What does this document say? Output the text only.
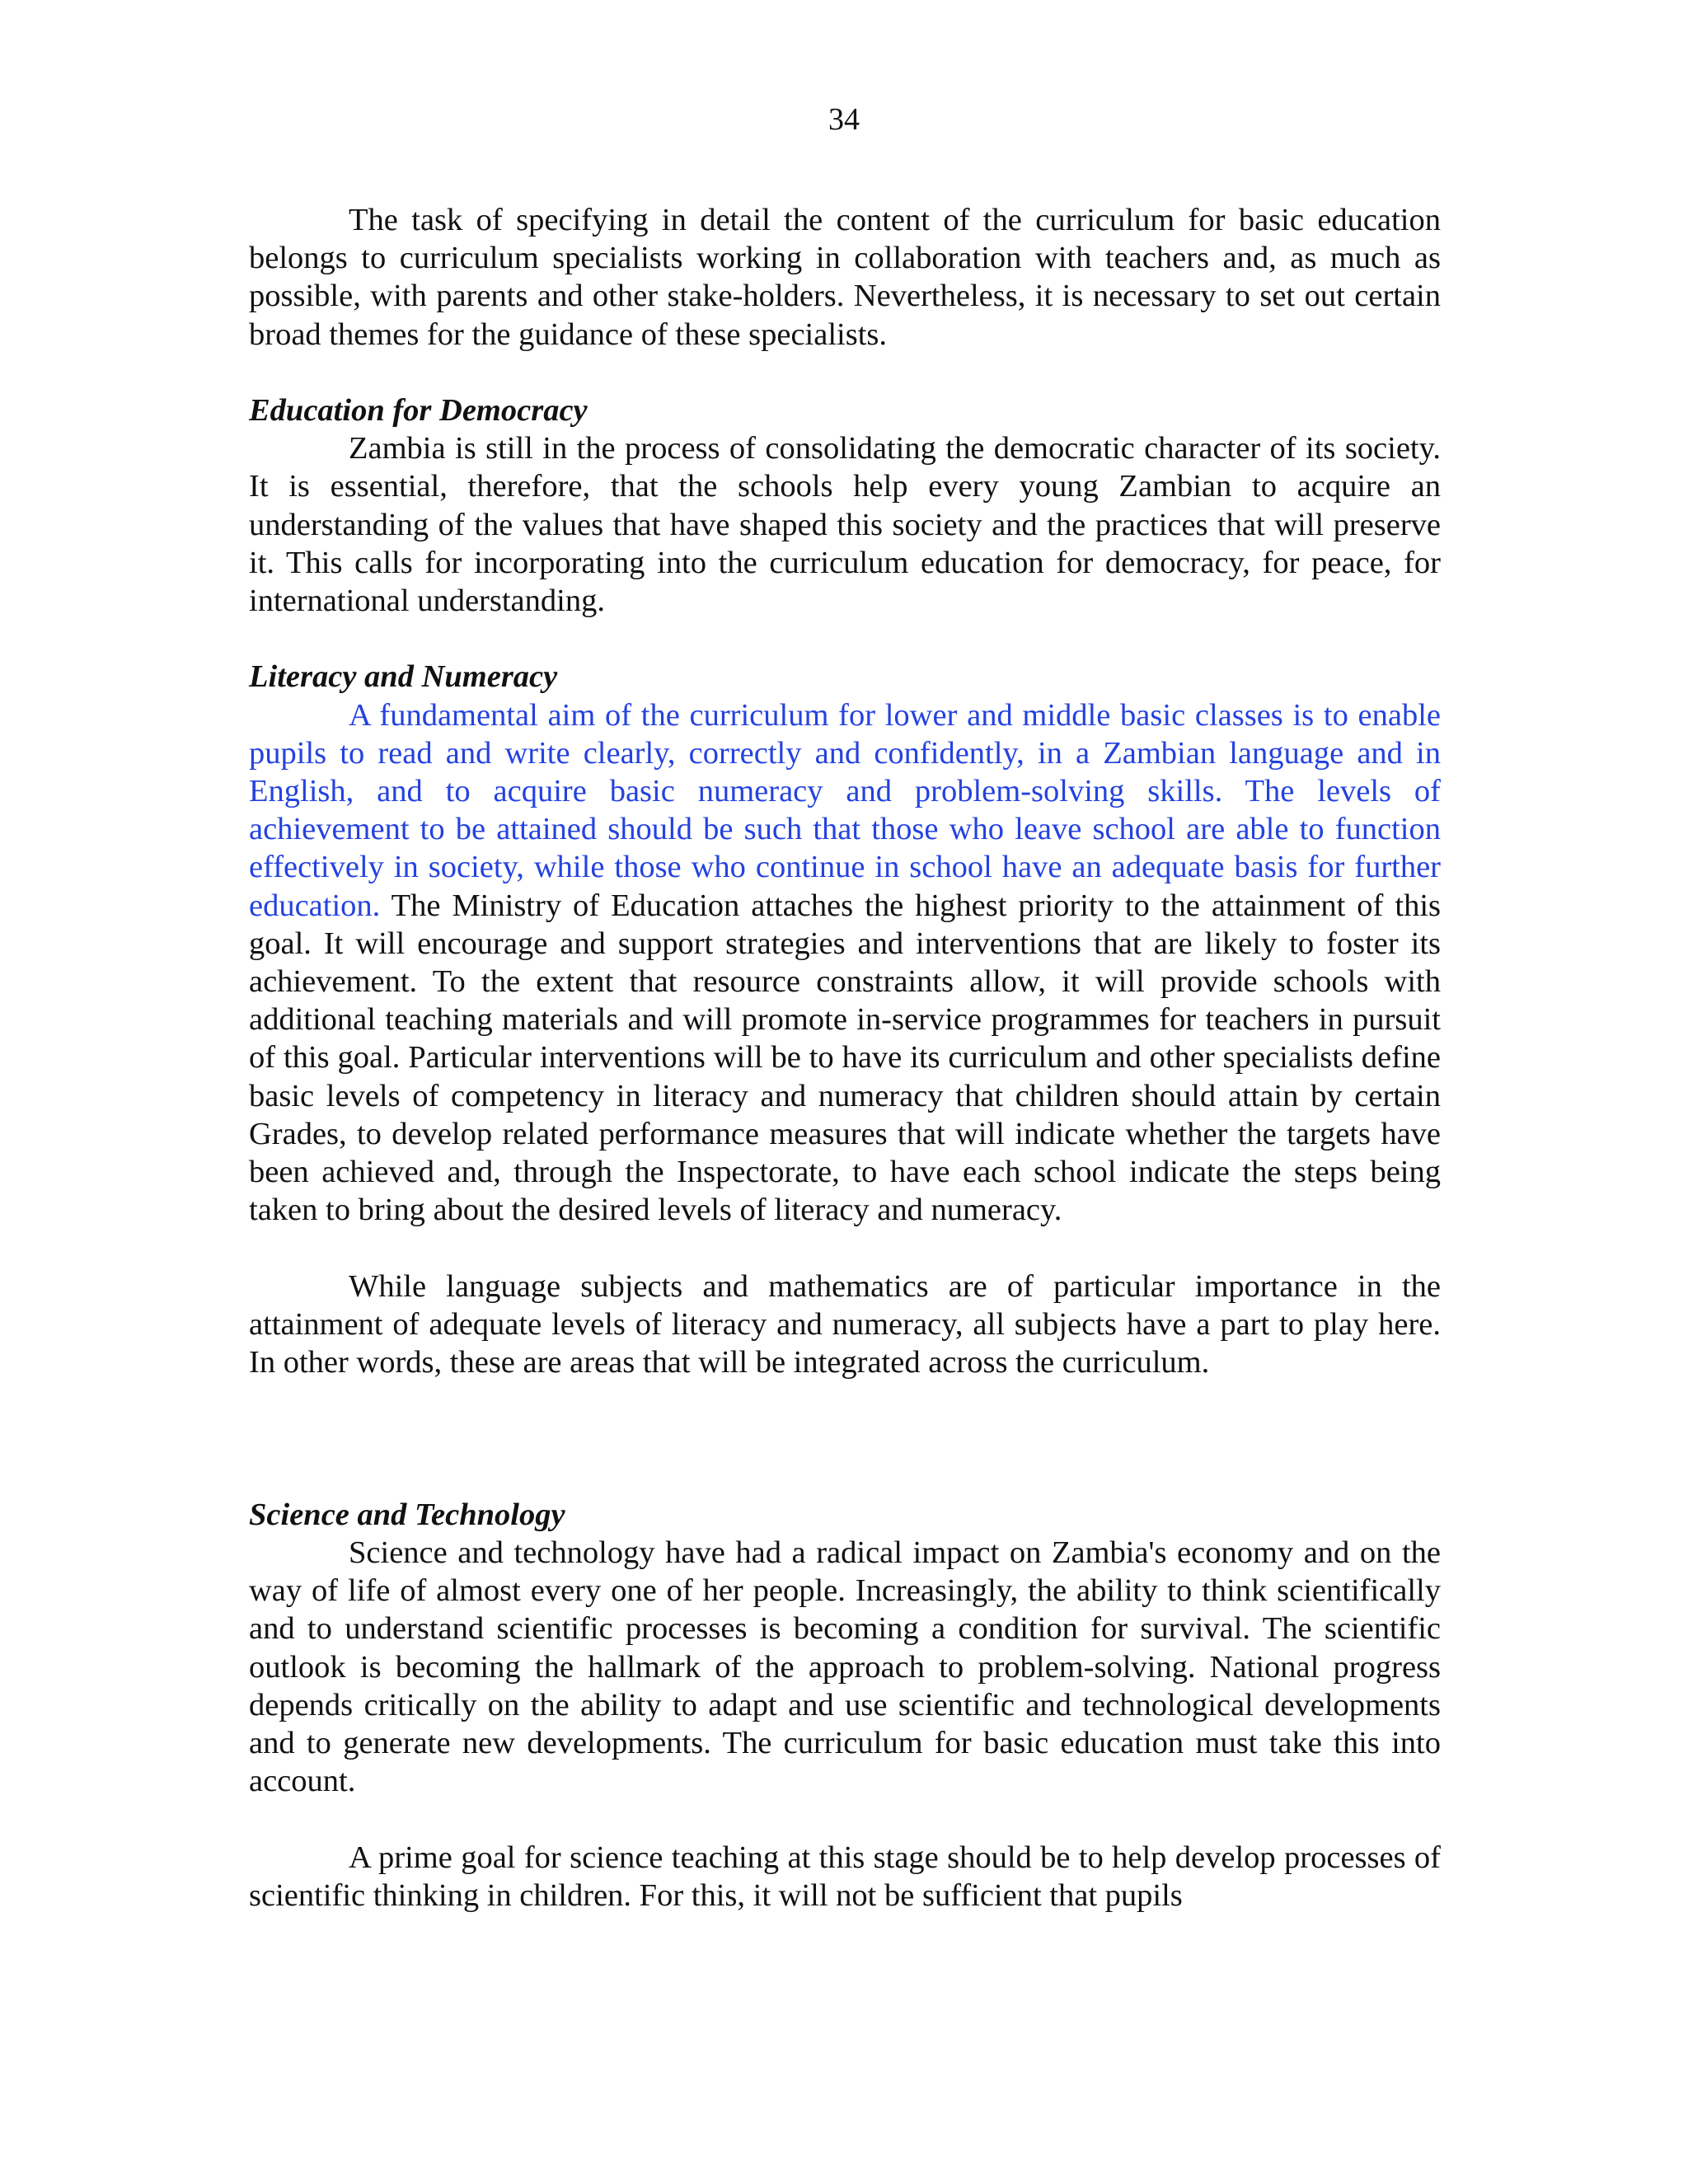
34

The task of specifying in detail the content of the curriculum for basic education belongs to curriculum specialists working in collaboration with teachers and, as much as possible, with parents and other stake-holders. Nevertheless, it is necessary to set out certain broad themes for the guidance of these specialists.

Education for Democracy

Zambia is still in the process of consolidating the democratic character of its society. It is essential, therefore, that the schools help every young Zambian to acquire an understanding of the values that have shaped this society and the practices that will preserve it. This calls for incorporating into the curriculum education for democracy, for peace, for international understanding.

Literacy and Numeracy

A fundamental aim of the curriculum for lower and middle basic classes is to enable pupils to read and write clearly, correctly and confidently, in a Zambian language and in English, and to acquire basic numeracy and problem-solving skills. The levels of achievement to be attained should be such that those who leave school are able to function effectively in society, while those who continue in school have an adequate basis for further education. The Ministry of Education attaches the highest priority to the attainment of this goal. It will encourage and support strategies and interventions that are likely to foster its achievement. To the extent that resource constraints allow, it will provide schools with additional teaching materials and will promote in-service programmes for teachers in pursuit of this goal. Particular interventions will be to have its curriculum and other specialists define basic levels of competency in literacy and numeracy that children should attain by certain Grades, to develop related performance measures that will indicate whether the targets have been achieved and, through the Inspectorate, to have each school indicate the steps being taken to bring about the desired levels of literacy and numeracy.

While language subjects and mathematics are of particular importance in the attainment of adequate levels of literacy and numeracy, all subjects have a part to play here. In other words, these are areas that will be integrated across the curriculum.

Science and Technology

Science and technology have had a radical impact on Zambia's economy and on the way of life of almost every one of her people. Increasingly, the ability to think scientifically and to understand scientific processes is becoming a condition for survival. The scientific outlook is becoming the hallmark of the approach to problem-solving. National progress depends critically on the ability to adapt and use scientific and technological developments and to generate new developments. The curriculum for basic education must take this into account.

A prime goal for science teaching at this stage should be to help develop processes of scientific thinking in children. For this, it will not be sufficient that pupils
